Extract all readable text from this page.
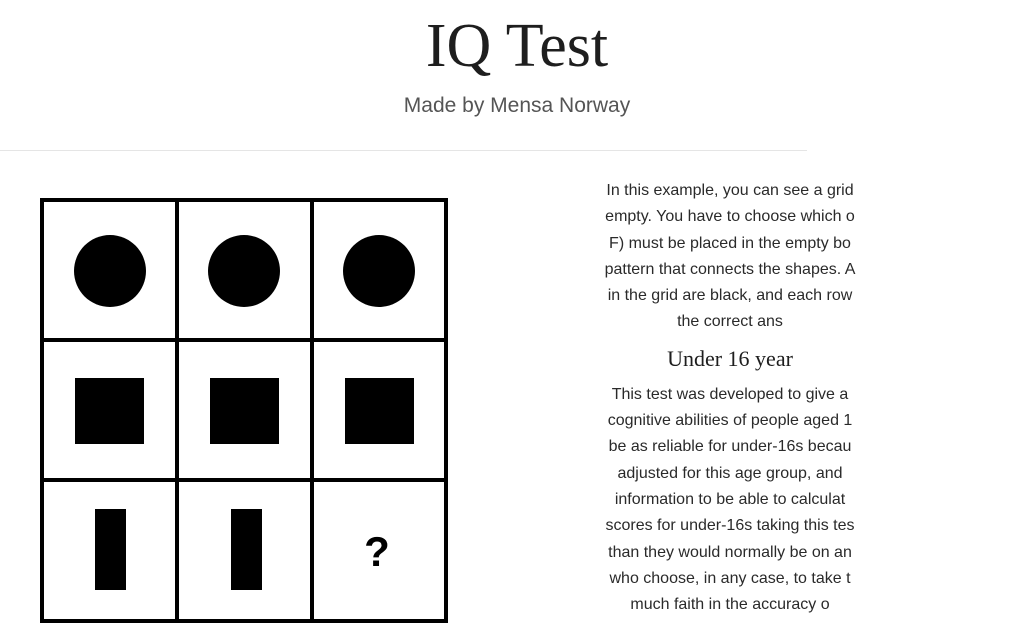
IQ Test
Made by Mensa Norway
?

In this example, you can see a grid
empty. You have to choose which o
F) must be placed in the empty bo
pattern that connects the shapes. A
in the grid are black, and each row
the correct ans

Under 16 year

This test was developed to give a
cognitive abilities of people aged 1
be as reliable for under-16s becau
adjusted for this age group, and
information to be able to calculat
scores for under-16s taking this tes
than they would normally be on an
who choose, in any case, to take t
much faith in the accuracy o
